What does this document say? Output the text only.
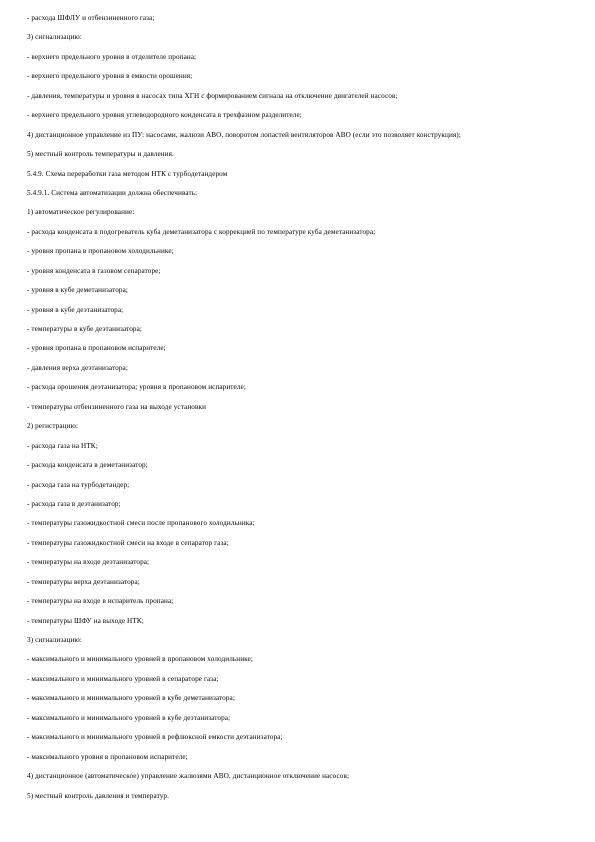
- расхода ШФЛУ и отбензиненного газа;
3) сигнализацию:
- верхнего предельного уровня в отделителе пропана;
- верхнего предельного уровня в емкости орошения;
- давления, температуры и уровня в насосах типа ХГН с формированием сигнала на отключение двигателей насосов;
- верхнего предельного уровня углеводородного конденсата в трехфазном разделителе;
4) дистанционное управление из ПУ: насосами, жалюзи АВО, поворотом лопастей вентиляторов АВО (если это позволяет конструкция);
5) местный контроль температуры и давления.
5.4.9. Схема переработки газа методом НТК с турбодетандером
5.4.9.1. Система автоматизации должна обеспечивать:
1) автоматическое регулирование:
- расхода конденсата в подогреватель куба деметанизатора с коррекцией по температуре куба деметанизатора;
- уровня пропана в пропановом холодильнике;
- уровня конденсата в газовом сепараторе;
- уровня в кубе деметанизатора;
- уровня в кубе деэтанизатора;
- температуры в кубе деэтанизатора;
- уровня пропана в пропановом испарителе;
- давления верха деэтанизатора;
- расхода орошения деэтанизатора; уровня в пропановом испарителе;
- температуры отбензиненного газа на выходе установки
2) регистрацию:
- расхода газа на НТК;
- расхода конденсата в деметанизатор;
- расхода газа на турбодетандер;
- расхода газа в деэтанизатор;
- температуры газожидкостной смеси после пропанового холодильника;
- температуры газожидкостной смеси на входе в сепаратор газа;
- температуры на входе деэтанизатора;
- температуры верха деэтанизатора;
- температуры на входе в испаритель пропана;
- температуры ШФУ на выходе НТК;
3) сигнализацию:
- максимального и минимального уровней в пропановом холодильнике;
- максимального и минимального уровней в сепараторе газа;
- максимального и минимального уровней в кубе деметанизатора;
- максимального и минимального уровней в кубе деэтанизатора;
- максимального и минимального уровней в рефлюксной емкости деэтанизатора;
- максимального уровня в пропановом испарителе;
4) дистанционное (автоматическое) управление жалюзями АВО, дистанционное отключение насосов;
5) местный контроль давления и температур.
